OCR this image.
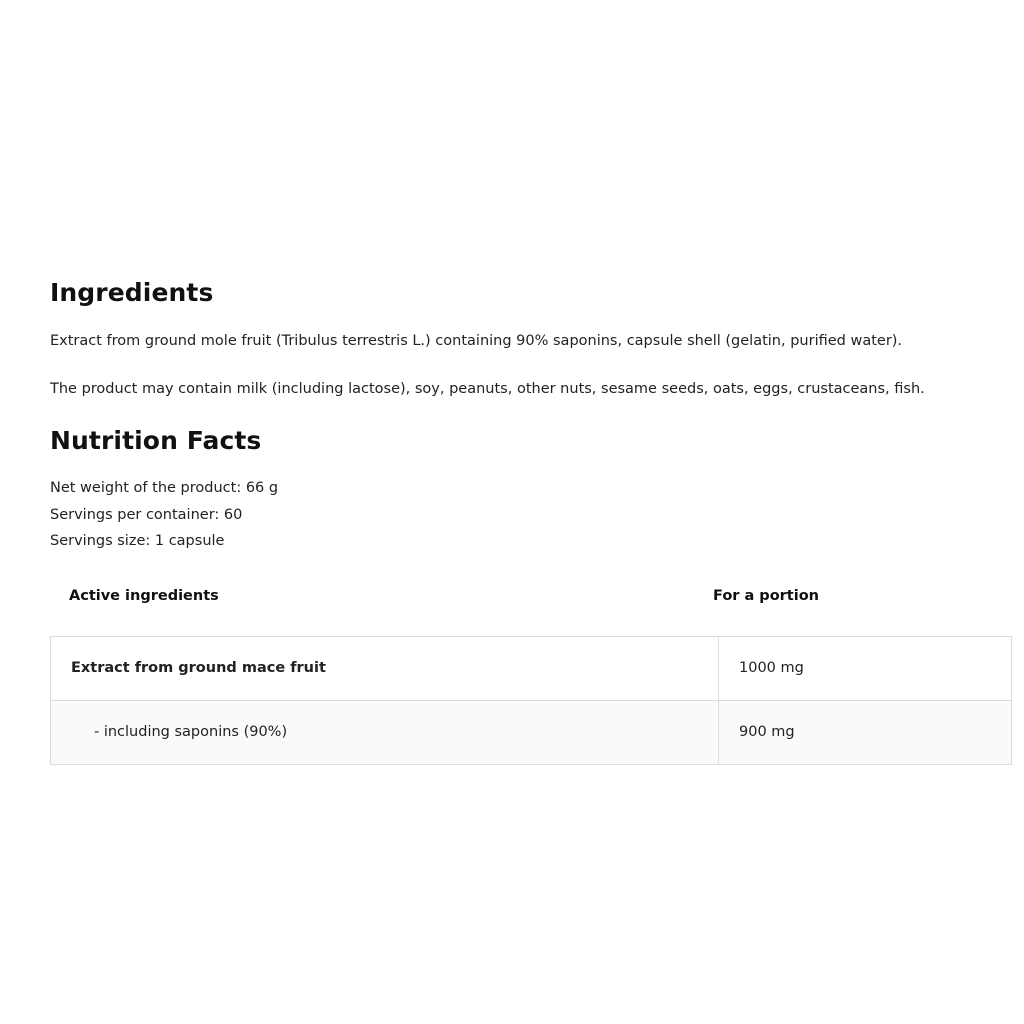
Ingredients

Extract from ground mole fruit (Tribulus terrestris L.) containing 90% saponins, capsule shell (gelatin, purified water).

The product may contain milk (including lactose), soy, peanuts, other nuts, sesame seeds, oats, eggs, crustaceans, fish.

Nutrition Facts

Net weight of the product: 66 g

Servings per container: 60

Servings size: 1 capsule

Active ingredients	For a portion
Extract from ground mace fruit	1000 mg
- including saponins (90%)	900 mg
